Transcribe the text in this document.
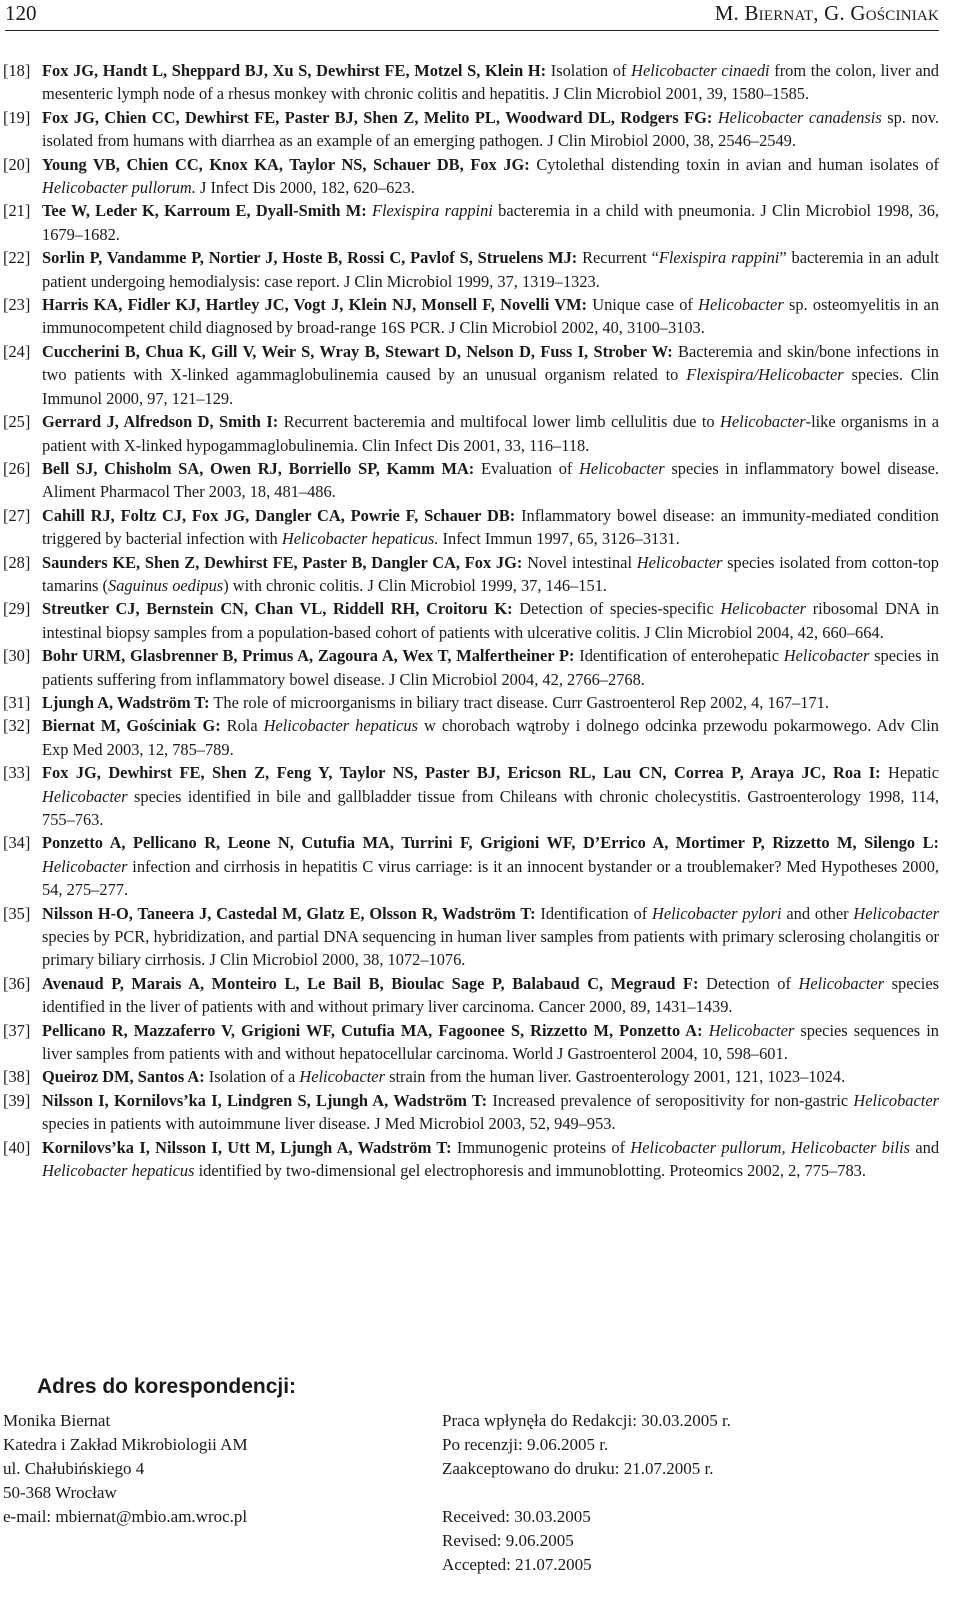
120	M. Biernat, G. Gościniak
[18] Fox JG, Handt L, Sheppard BJ, Xu S, Dewhirst FE, Motzel S, Klein H: Isolation of Helicobacter cinaedi from the colon, liver and mesenteric lymph node of a rhesus monkey with chronic colitis and hepatitis. J Clin Microbiol 2001, 39, 1580–1585.
[19] Fox JG, Chien CC, Dewhirst FE, Paster BJ, Shen Z, Melito PL, Woodward DL, Rodgers FG: Helicobacter canadensis sp. nov. isolated from humans with diarrhea as an example of an emerging pathogen. J Clin Mirobiol 2000, 38, 2546–2549.
[20] Young VB, Chien CC, Knox KA, Taylor NS, Schauer DB, Fox JG: Cytolethal distending toxin in avian and human isolates of Helicobacter pullorum. J Infect Dis 2000, 182, 620–623.
[21] Tee W, Leder K, Karroum E, Dyall-Smith M: Flexispira rappini bacteremia in a child with pneumonia. J Clin Microbiol 1998, 36, 1679–1682.
[22] Sorlin P, Vandamme P, Nortier J, Hoste B, Rossi C, Pavlof S, Struelens MJ: Recurrent “Flexispira rappini” bacteremia in an adult patient undergoing hemodialysis: case report. J Clin Microbiol 1999, 37, 1319–1323.
[23] Harris KA, Fidler KJ, Hartley JC, Vogt J, Klein NJ, Monsell F, Novelli VM: Unique case of Helicobacter sp. osteomyelitis in an immunocompetent child diagnosed by broad-range 16S PCR. J Clin Microbiol 2002, 40, 3100–3103.
[24] Cuccherini B, Chua K, Gill V, Weir S, Wray B, Stewart D, Nelson D, Fuss I, Strober W: Bacteremia and skin/bone infections in two patients with X-linked agammaglobulinemia caused by an unusual organism related to Flexispira/Helicobacter species. Clin Immunol 2000, 97, 121–129.
[25] Gerrard J, Alfredson D, Smith I: Recurrent bacteremia and multifocal lower limb cellulitis due to Helicobacter-like organisms in a patient with X-linked hypogammaglobulinemia. Clin Infect Dis 2001, 33, 116–118.
[26] Bell SJ, Chisholm SA, Owen RJ, Borriello SP, Kamm MA: Evaluation of Helicobacter species in inflammatory bowel disease. Aliment Pharmacol Ther 2003, 18, 481–486.
[27] Cahill RJ, Foltz CJ, Fox JG, Dangler CA, Powrie F, Schauer DB: Inflammatory bowel disease: an immunity-mediated condition triggered by bacterial infection with Helicobacter hepaticus. Infect Immun 1997, 65, 3126–3131.
[28] Saunders KE, Shen Z, Dewhirst FE, Paster B, Dangler CA, Fox JG: Novel intestinal Helicobacter species isolated from cotton-top tamarins (Saguinus oedipus) with chronic colitis. J Clin Microbiol 1999, 37, 146–151.
[29] Streutker CJ, Bernstein CN, Chan VL, Riddell RH, Croitoru K: Detection of species-specific Helicobacter ribosomal DNA in intestinal biopsy samples from a population-based cohort of patients with ulcerative colitis. J Clin Microbiol 2004, 42, 660–664.
[30] Bohr URM, Glasbrenner B, Primus A, Zagoura A, Wex T, Malfertheiner P: Identification of enterohepatic Helicobacter species in patients suffering from inflammatory bowel disease. J Clin Microbiol 2004, 42, 2766–2768.
[31] Ljungh A, Wadström T: The role of microorganisms in biliary tract disease. Curr Gastroenterol Rep 2002, 4, 167–171.
[32] Biernat M, Gościniak G: Rola Helicobacter hepaticus w chorobach wątroby i dolnego odcinka przewodu pokarmowego. Adv Clin Exp Med 2003, 12, 785–789.
[33] Fox JG, Dewhirst FE, Shen Z, Feng Y, Taylor NS, Paster BJ, Ericson RL, Lau CN, Correa P, Araya JC, Roa I: Hepatic Helicobacter species identified in bile and gallbladder tissue from Chileans with chronic cholecystitis. Gastroenterology 1998, 114, 755–763.
[34] Ponzetto A, Pellicano R, Leone N, Cutufia MA, Turrini F, Grigioni WF, D’Errico A, Mortimer P, Rizzetto M, Silengo L: Helicobacter infection and cirrhosis in hepatitis C virus carriage: is it an innocent bystander or a troublemaker? Med Hypotheses 2000, 54, 275–277.
[35] Nilsson H-O, Taneera J, Castedal M, Glatz E, Olsson R, Wadström T: Identification of Helicobacter pylori and other Helicobacter species by PCR, hybridization, and partial DNA sequencing in human liver samples from patients with primary sclerosing cholangitis or primary biliary cirrhosis. J Clin Microbiol 2000, 38, 1072–1076.
[36] Avenaud P, Marais A, Monteiro L, Le Bail B, Bioulac Sage P, Balabaud C, Megraud F: Detection of Helicobacter species identified in the liver of patients with and without primary liver carcinoma. Cancer 2000, 89, 1431–1439.
[37] Pellicano R, Mazzaferro V, Grigioni WF, Cutufia MA, Fagoonee S, Rizzetto M, Ponzetto A: Helicobacter species sequences in liver samples from patients with and without hepatocellular carcinoma. World J Gastroenterol 2004, 10, 598–601.
[38] Queiroz DM, Santos A: Isolation of a Helicobacter strain from the human liver. Gastroenterology 2001, 121, 1023–1024.
[39] Nilsson I, Kornilovs’ka I, Lindgren S, Ljungh A, Wadström T: Increased prevalence of seropositivity for non-gastric Helicobacter species in patients with autoimmune liver disease. J Med Microbiol 2003, 52, 949–953.
[40] Kornilovs’ka I, Nilsson I, Utt M, Ljungh A, Wadström T: Immunogenic proteins of Helicobacter pullorum, Helicobacter bilis and Helicobacter hepaticus identified by two-dimensional gel electrophoresis and immunoblotting. Proteomics 2002, 2, 775–783.
Adres do korespondencji:
Monika Biernat
Katedra i Zakład Mikrobiologii AM
ul. Chałubińskiego 4
50-368 Wrocław
e-mail: mbiernat@mbio.am.wroc.pl
Praca wpłynęła do Redakcji: 30.03.2005 r.
Po recenzji: 9.06.2005 r.
Zaakceptowano do druku: 21.07.2005 r.
Received: 30.03.2005
Revised: 9.06.2005
Accepted: 21.07.2005
